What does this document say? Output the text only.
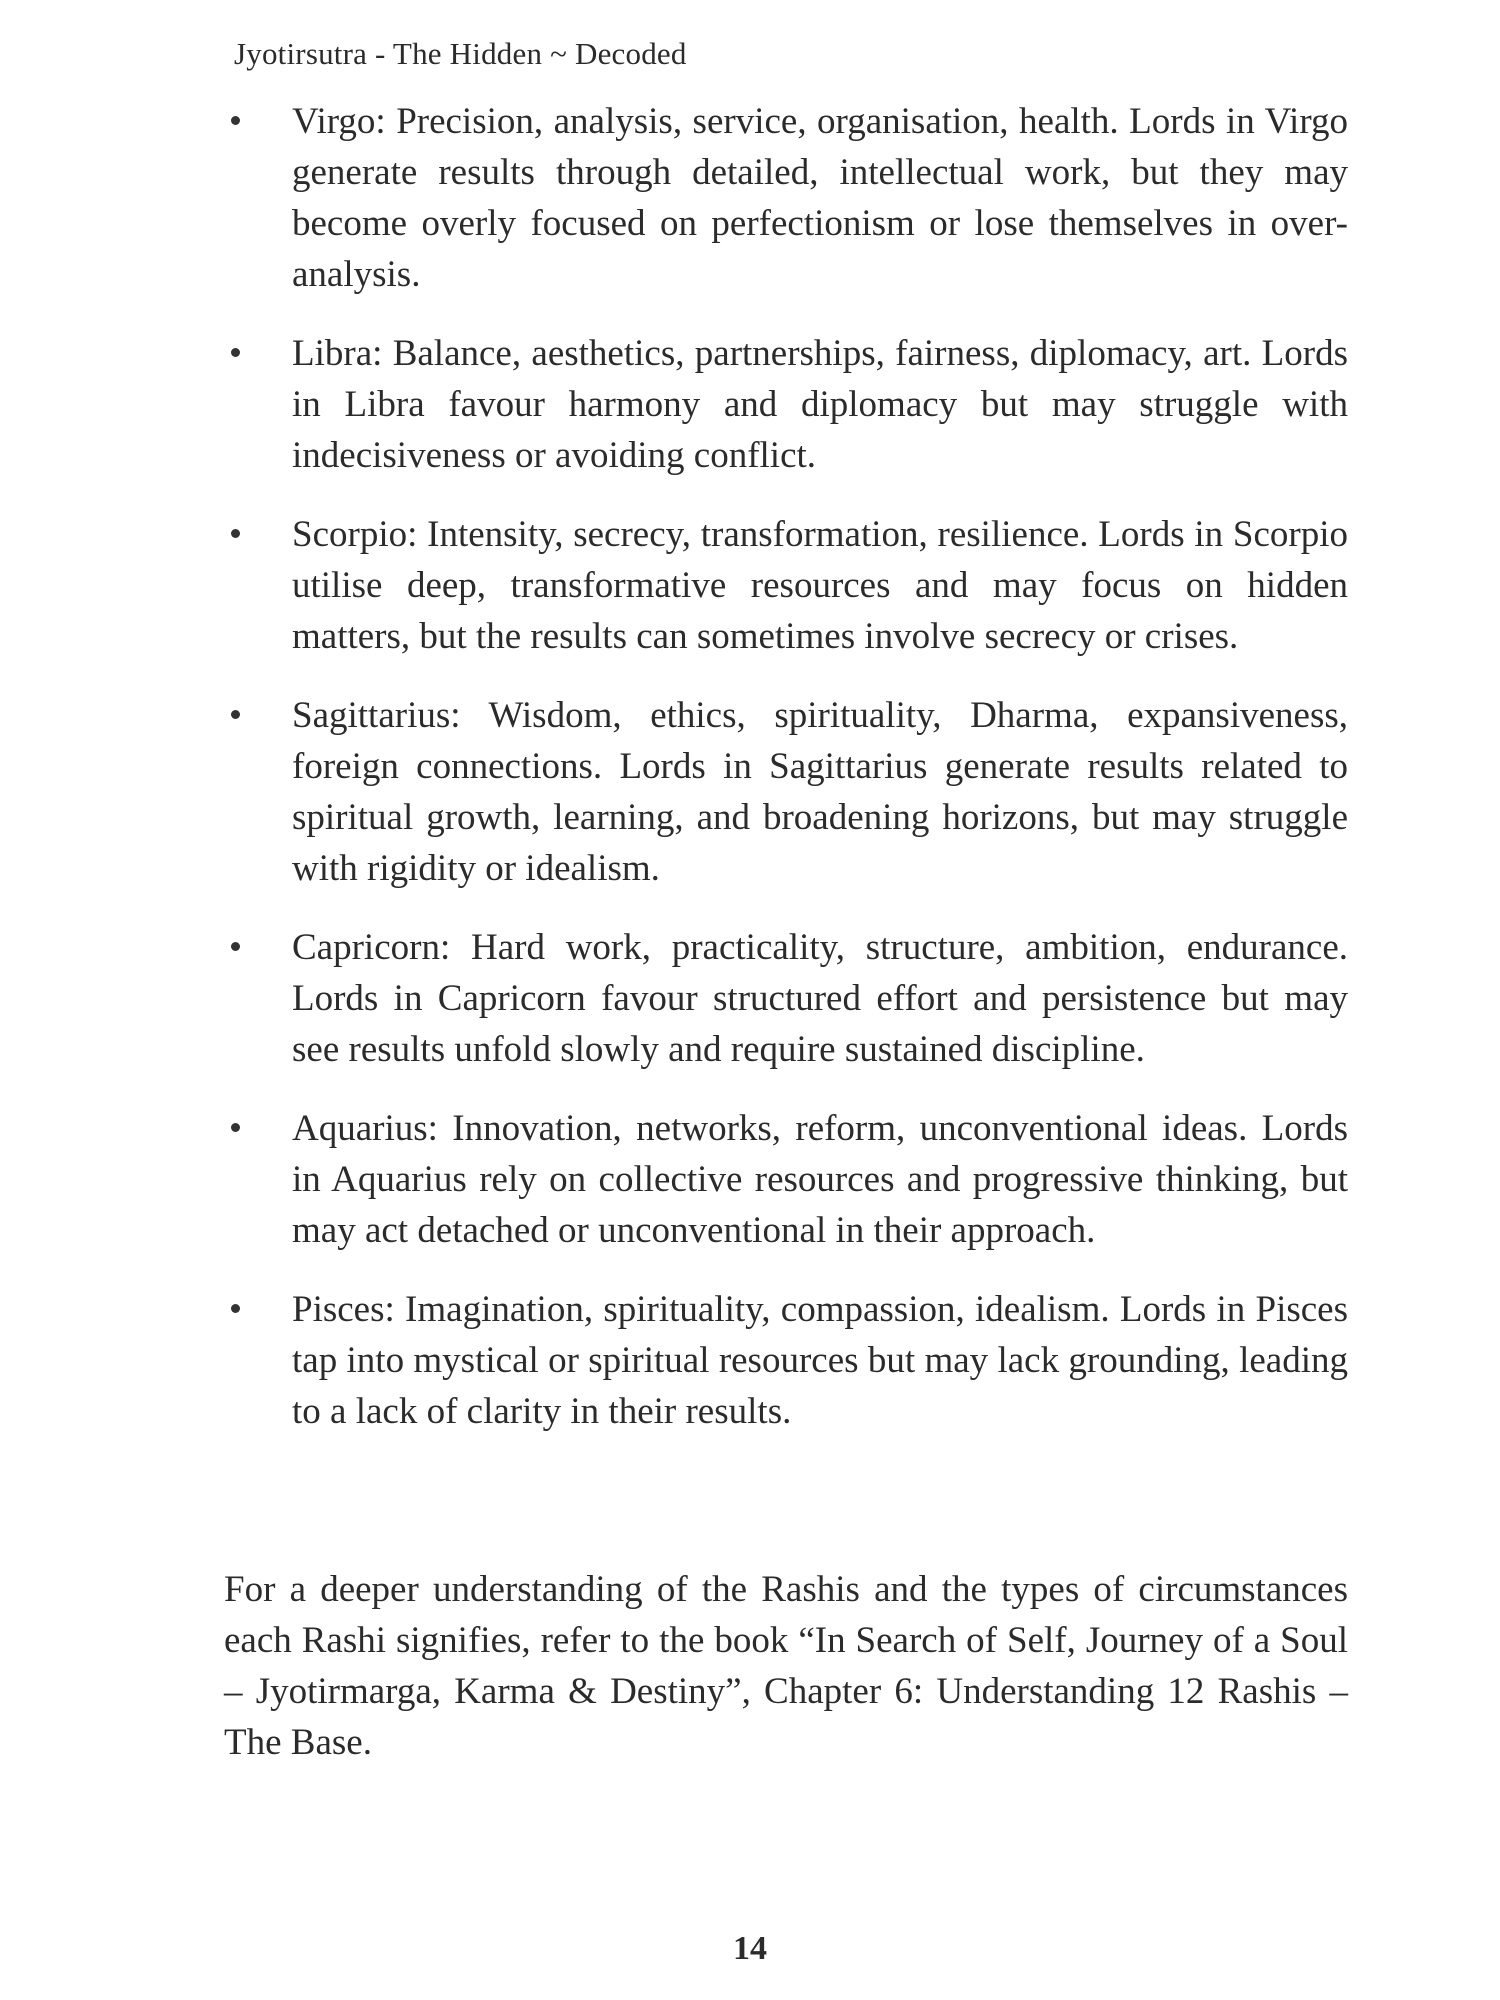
Jyotirsutra - The Hidden ~ Decoded
Virgo: Precision, analysis, service, organisation, health. Lords in Virgo generate results through detailed, intellectual work, but they may become overly focused on perfectionism or lose themselves in over-analysis.
Libra: Balance, aesthetics, partnerships, fairness, diplomacy, art. Lords in Libra favour harmony and diplomacy but may struggle with indecisiveness or avoiding conflict.
Scorpio: Intensity, secrecy, transformation, resilience. Lords in Scorpio utilise deep, transformative resources and may focus on hidden matters, but the results can sometimes involve secrecy or crises.
Sagittarius: Wisdom, ethics, spirituality, Dharma, expansiveness, foreign connections. Lords in Sagittarius generate results related to spiritual growth, learning, and broadening horizons, but may struggle with rigidity or idealism.
Capricorn: Hard work, practicality, structure, ambition, endurance. Lords in Capricorn favour structured effort and persistence but may see results unfold slowly and require sustained discipline.
Aquarius: Innovation, networks, reform, unconventional ideas. Lords in Aquarius rely on collective resources and progressive thinking, but may act detached or unconventional in their approach.
Pisces: Imagination, spirituality, compassion, idealism. Lords in Pisces tap into mystical or spiritual resources but may lack grounding, leading to a lack of clarity in their results.

For a deeper understanding of the Rashis and the types of circumstances each Rashi signifies, refer to the book “In Search of Self, Journey of a Soul – Jyotirmarga, Karma & Destiny”, Chapter 6: Understanding 12 Rashis – The Base.

14
